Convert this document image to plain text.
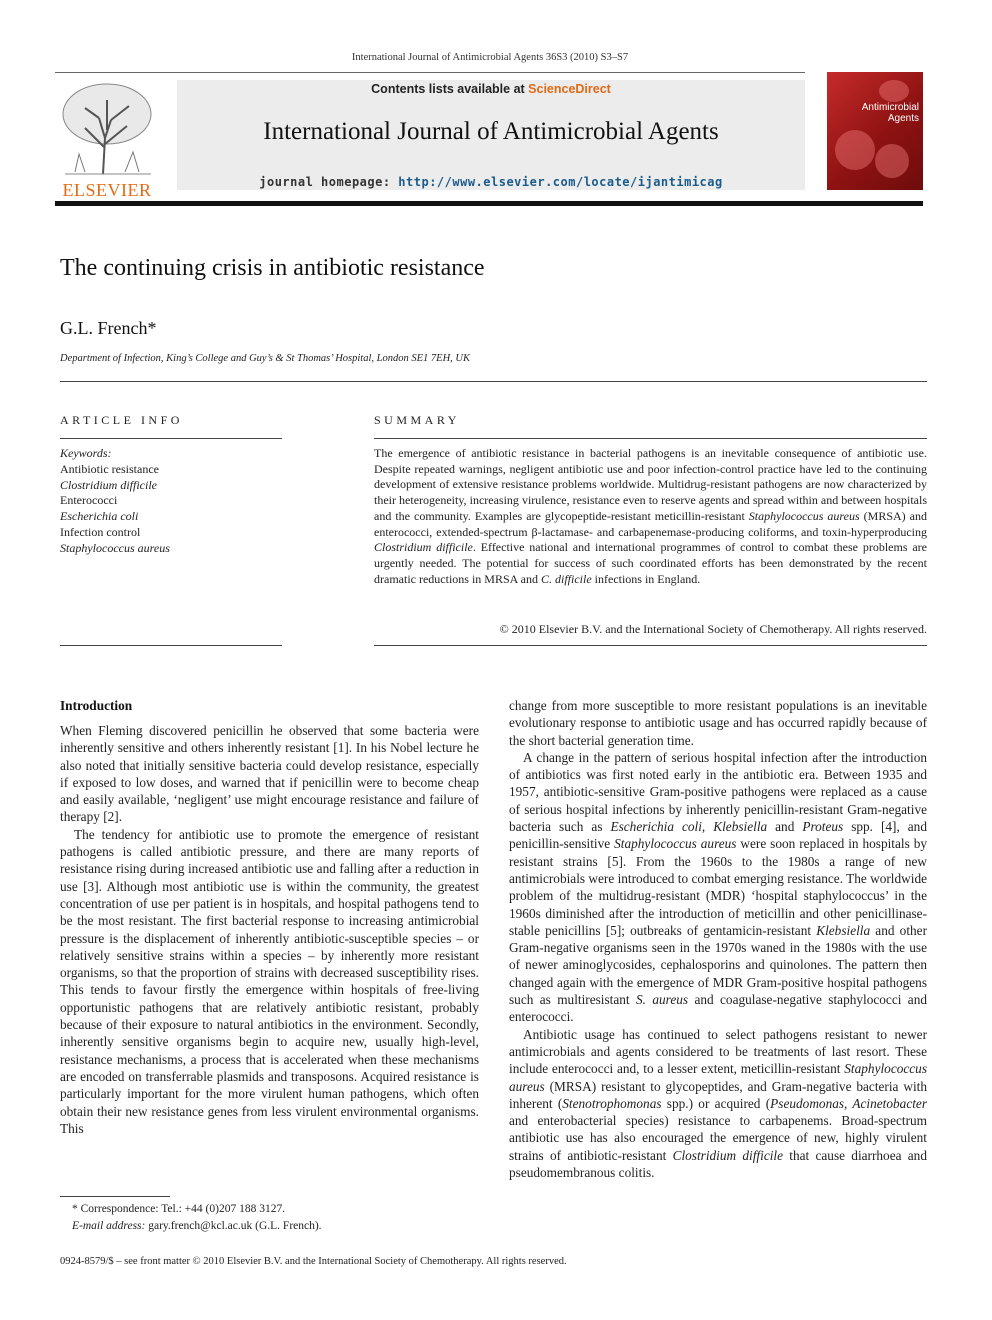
International Journal of Antimicrobial Agents 36S3 (2010) S3–S7
ELSEVIER
Contents lists available at ScienceDirect
International Journal of Antimicrobial Agents
journal homepage: http://www.elsevier.com/locate/ijantimicag
Antimicrobial Agents
The continuing crisis in antibiotic resistance
G.L. French*
Department of Infection, King’s College and Guy’s & St Thomas’ Hospital, London SE1 7EH, UK
ARTICLE INFO
Keywords:
Antibiotic resistance
Clostridium difficile
Enterococci
Escherichia coli
Infection control
Staphylococcus aureus
SUMMARY
The emergence of antibiotic resistance in bacterial pathogens is an inevitable consequence of antibiotic use. Despite repeated warnings, negligent antibiotic use and poor infection-control practice have led to the continuing development of extensive resistance problems worldwide. Multidrug-resistant pathogens are now characterized by their heterogeneity, increasing virulence, resistance even to reserve agents and spread within and between hospitals and the community. Examples are glycopeptide-resistant meticillin-resistant Staphylococcus aureus (MRSA) and enterococci, extended-spectrum β-lactamase- and carbapenemase-producing coliforms, and toxin-hyperproducing Clostridium difficile. Effective national and international programmes of control to combat these problems are urgently needed. The potential for success of such coordinated efforts has been demonstrated by the recent dramatic reductions in MRSA and C. difficile infections in England.
© 2010 Elsevier B.V. and the International Society of Chemotherapy. All rights reserved.
Introduction

When Fleming discovered penicillin he observed that some bacteria were inherently sensitive and others inherently resistant [1]. In his Nobel lecture he also noted that initially sensitive bacteria could develop resistance, especially if exposed to low doses, and warned that if penicillin were to become cheap and easily available, ‘negligent’ use might encourage resistance and failure of therapy [2].

The tendency for antibiotic use to promote the emergence of resistant pathogens is called antibiotic pressure, and there are many reports of resistance rising during increased antibiotic use and falling after a reduction in use [3]. Although most antibiotic use is within the community, the greatest concentration of use per patient is in hospitals, and hospital pathogens tend to be the most resistant. The first bacterial response to increasing antimicrobial pressure is the displacement of inherently antibiotic-susceptible species – or relatively sensitive strains within a species – by inherently more resistant organisms, so that the proportion of strains with decreased susceptibility rises. This tends to favour firstly the emergence within hospitals of free-living opportunistic pathogens that are relatively antibiotic resistant, probably because of their exposure to natural antibiotics in the environment. Secondly, inherently sensitive organisms begin to acquire new, usually high-level, resistance mechanisms, a process that is accelerated when these mechanisms are encoded on transferrable plasmids and transposons. Acquired resistance is particularly important for the more virulent human pathogens, which often obtain their new resistance genes from less virulent environmental organisms. This

change from more susceptible to more resistant populations is an inevitable evolutionary response to antibiotic usage and has occurred rapidly because of the short bacterial generation time.

A change in the pattern of serious hospital infection after the introduction of antibiotics was first noted early in the antibiotic era. Between 1935 and 1957, antibiotic-sensitive Gram-positive pathogens were replaced as a cause of serious hospital infections by inherently penicillin-resistant Gram-negative bacteria such as Escherichia coli, Klebsiella and Proteus spp. [4], and penicillin-sensitive Staphylococcus aureus were soon replaced in hospitals by resistant strains [5]. From the 1960s to the 1980s a range of new antimicrobials were introduced to combat emerging resistance. The worldwide problem of the multidrug-resistant (MDR) ‘hospital staphylococcus’ in the 1960s diminished after the introduction of meticillin and other penicillinase-stable penicillins [5]; outbreaks of gentamicin-resistant Klebsiella and other Gram-negative organisms seen in the 1970s waned in the 1980s with the use of newer aminoglycosides, cephalosporins and quinolones. The pattern then changed again with the emergence of MDR Gram-positive hospital pathogens such as multiresistant S. aureus and coagulase-negative staphylococci and enterococci.

Antibiotic usage has continued to select pathogens resistant to newer antimicrobials and agents considered to be treatments of last resort. These include enterococci and, to a lesser extent, meticillin-resistant Staphylococcus aureus (MRSA) resistant to glycopeptides, and Gram-negative bacteria with inherent (Stenotrophomonas spp.) or acquired (Pseudomonas, Acinetobacter and enterobacterial species) resistance to carbapenems. Broad-spectrum antibiotic use has also encouraged the emergence of new, highly virulent strains of antibiotic-resistant Clostridium difficile that cause diarrhoea and pseudomembranous colitis.

* Correspondence: Tel.: +44 (0)207 188 3127.
E-mail address: gary.french@kcl.ac.uk (G.L. French).
0924-8579/$ – see front matter © 2010 Elsevier B.V. and the International Society of Chemotherapy. All rights reserved.
